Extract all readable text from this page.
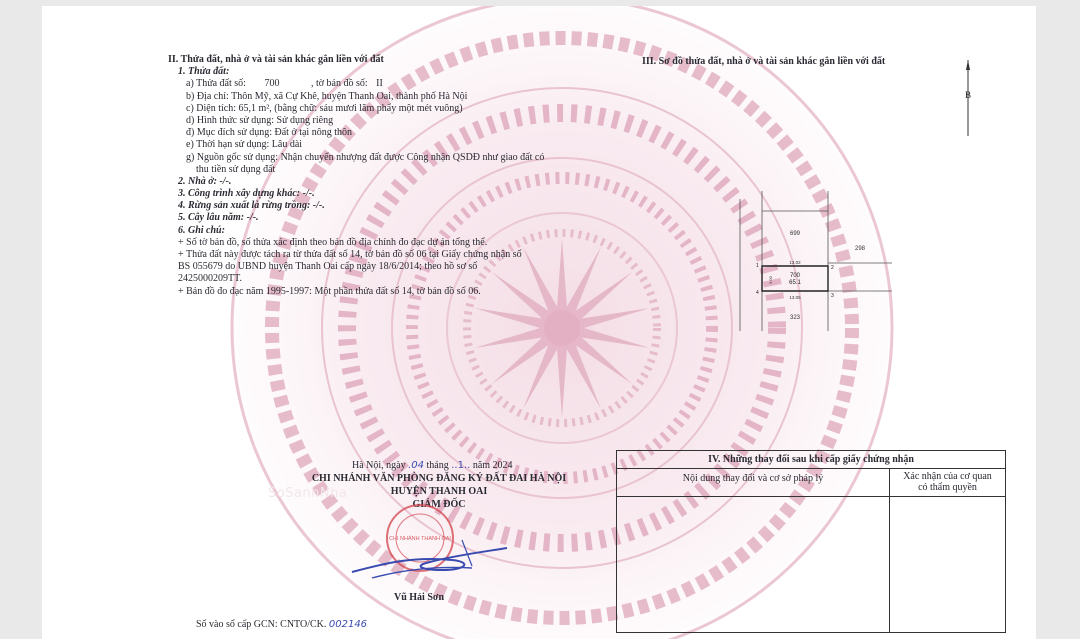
II. Thửa đất, nhà ở và tài sản khác gắn liền với đất
1. Thửa đất:
a) Thửa đất số: 700	, tờ bản đồ số: II
b) Địa chỉ: Thôn Mỹ, xã Cự Khê, huyện Thanh Oai, thành phố Hà Nội
c) Diện tích: 65,1 m², (bằng chữ: sáu mươi lăm phẩy một mét vuông)
d) Hình thức sử dụng: Sử dụng riêng
đ) Mục đích sử dụng: Đất ở tại nông thôn
e) Thời hạn sử dụng: Lâu dài
g) Nguồn gốc sử dụng: Nhận chuyển nhượng đất được Công nhận QSDĐ như giao đất có
thu tiền sử dụng đất
2. Nhà ở: -/-.
3. Công trình xây dựng khác: -/-.
4. Rừng sản xuất là rừng trồng: -/-.
5. Cây lâu năm: -/-.
6. Ghi chú:
+ Số tờ bản đồ, số thửa xác định theo bản đồ địa chính đo đạc dự án tổng thể.
+ Thửa đất này được tách ra từ thửa đất số 14, tờ bản đồ số 06 tại Giấy chứng nhận số
BS 055679 do UBND huyện Thanh Oai cấp ngày 18/6/2014; theo hồ sơ số
2425000209TT.
+ Bản đồ đo đạc năm 1995-1997: Một phần thửa đất số 14, tờ bản đồ số 06.
III. Sơ đồ thửa đất, nhà ở và tài sản khác gắn liền với đất
B
699
298
323
700
65.1
13.02
13.05
5.00
1	2
3
4
Hà Nội, ngày .04 tháng ..1.. năm 2024
CHI NHÁNH VĂN PHÒNG ĐĂNG KÝ ĐẤT ĐAI HÀ NỘI
HUYỆN THANH OAI
GIÁM ĐỐC
SoSanhNha
CHI NHÁNH THANH OAI
Vũ Hải Sơn
Số vào sổ cấp GCN: CNTO/CK. 002146
IV. Những thay đổi sau khi cấp giấy chứng nhận	
Nội dung thay đổi và cơ sở pháp lý	Xác nhận của cơ quan
có thẩm quyền
